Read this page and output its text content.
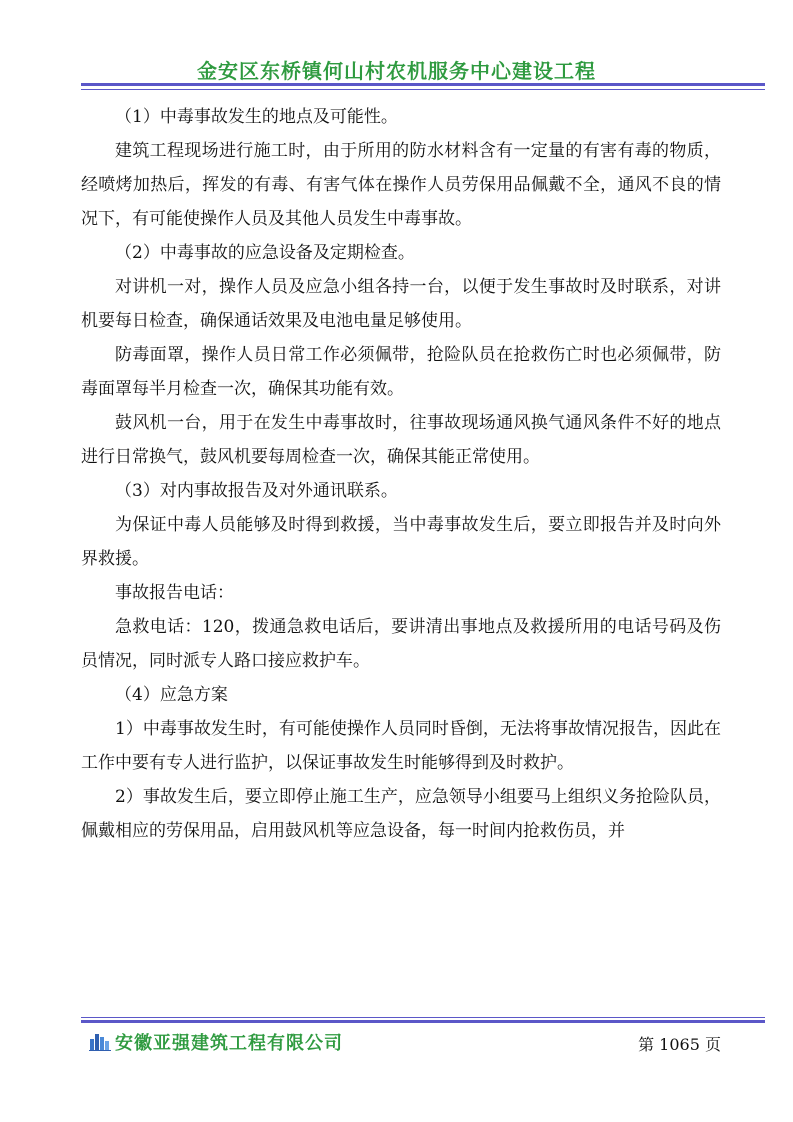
金安区东桥镇何山村农机服务中心建设工程

（1）中毒事故发生的地点及可能性。

建筑工程现场进行施工时，由于所用的防水材料含有一定量的有害有毒的物质，经喷烤加热后，挥发的有毒、有害气体在操作人员劳保用品佩戴不全，通风不良的情况下，有可能使操作人员及其他人员发生中毒事故。

（2）中毒事故的应急设备及定期检查。

对讲机一对，操作人员及应急小组各持一台，以便于发生事故时及时联系，对讲机要每日检查，确保通话效果及电池电量足够使用。

防毒面罩，操作人员日常工作必须佩带，抢险队员在抢救伤亡时也必须佩带，防毒面罩每半月检查一次，确保其功能有效。

鼓风机一台，用于在发生中毒事故时，往事故现场通风换气通风条件不好的地点进行日常换气，鼓风机要每周检查一次，确保其能正常使用。

（3）对内事故报告及对外通讯联系。

为保证中毒人员能够及时得到救援，当中毒事故发生后，要立即报告并及时向外界救援。

事故报告电话：

急救电话：120，拨通急救电话后，要讲清出事地点及救援所用的电话号码及伤员情况，同时派专人路口接应救护车。

（4）应急方案

1）中毒事故发生时，有可能使操作人员同时昏倒，无法将事故情况报告，因此在工作中要有专人进行监护，以保证事故发生时能够得到及时救护。

2）事故发生后，要立即停止施工生产，应急领导小组要马上组织义务抢险队员，佩戴相应的劳保用品，启用鼓风机等应急设备，每一时间内抢救伤员，并

安徽亚强建筑工程有限公司	第 1065 页
